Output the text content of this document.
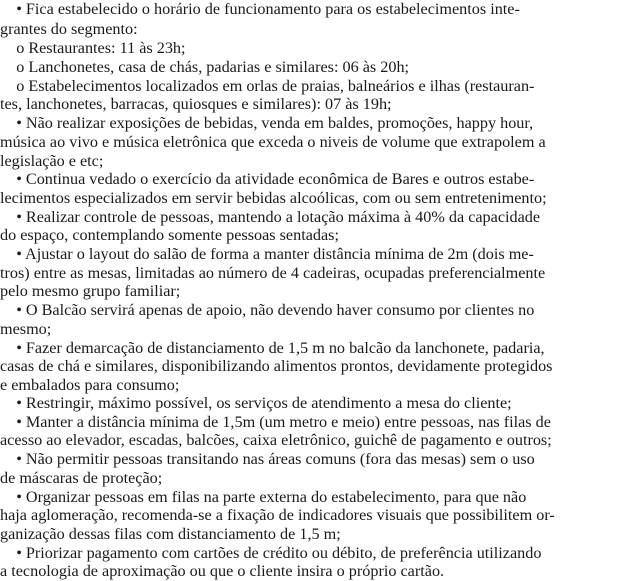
• Fica estabelecido o horário de funcionamento para os estabelecimentos inte-
grantes do segmento:
o Restaurantes: 11 às 23h;
o Lanchonetes, casa de chás, padarias e similares: 06 às 20h;
o Estabelecimentos localizados em orlas de praias, balneários e ilhas (restauran-
tes, lanchonetes, barracas, quiosques e similares): 07 às 19h;
• Não realizar exposições de bebidas, venda em baldes, promoções, happy hour,
música ao vivo e música eletrônica que exceda o niveis de volume que extrapolem a
legislação e etc;
• Continua vedado o exercício da atividade econômica de Bares e outros estabe-
lecimentos especializados em servir bebidas alcoólicas, com ou sem entretenimento;
• Realizar controle de pessoas, mantendo a lotação máxima à 40% da capacidade
do espaço, contemplando somente pessoas sentadas;
• Ajustar o layout do salão de forma a manter distância mínima de 2m (dois me-
tros) entre as mesas, limitadas ao número de 4 cadeiras, ocupadas preferencialmente
pelo mesmo grupo familiar;
• O Balcão servirá apenas de apoio, não devendo haver consumo por clientes no
mesmo;
• Fazer demarcação de distanciamento de 1,5 m no balcão da lanchonete, padaria,
casas de chá e similares, disponibilizando alimentos prontos, devidamente protegidos
e embalados para consumo;
• Restringir, máximo possível, os serviços de atendimento a mesa do cliente;
• Manter a distância mínima de 1,5m (um metro e meio) entre pessoas, nas filas de
acesso ao elevador, escadas, balcões, caixa eletrônico, guichê de pagamento e outros;
• Não permitir pessoas transitando nas áreas comuns (fora das mesas) sem o uso
de máscaras de proteção;
• Organizar pessoas em filas na parte externa do estabelecimento, para que não
haja aglomeração, recomenda-se a fixação de indicadores visuais que possibilitem or-
ganização dessas filas com distanciamento de 1,5 m;
• Priorizar pagamento com cartões de crédito ou débito, de preferência utilizando
a tecnologia de aproximação ou que o cliente insira o próprio cartão.
